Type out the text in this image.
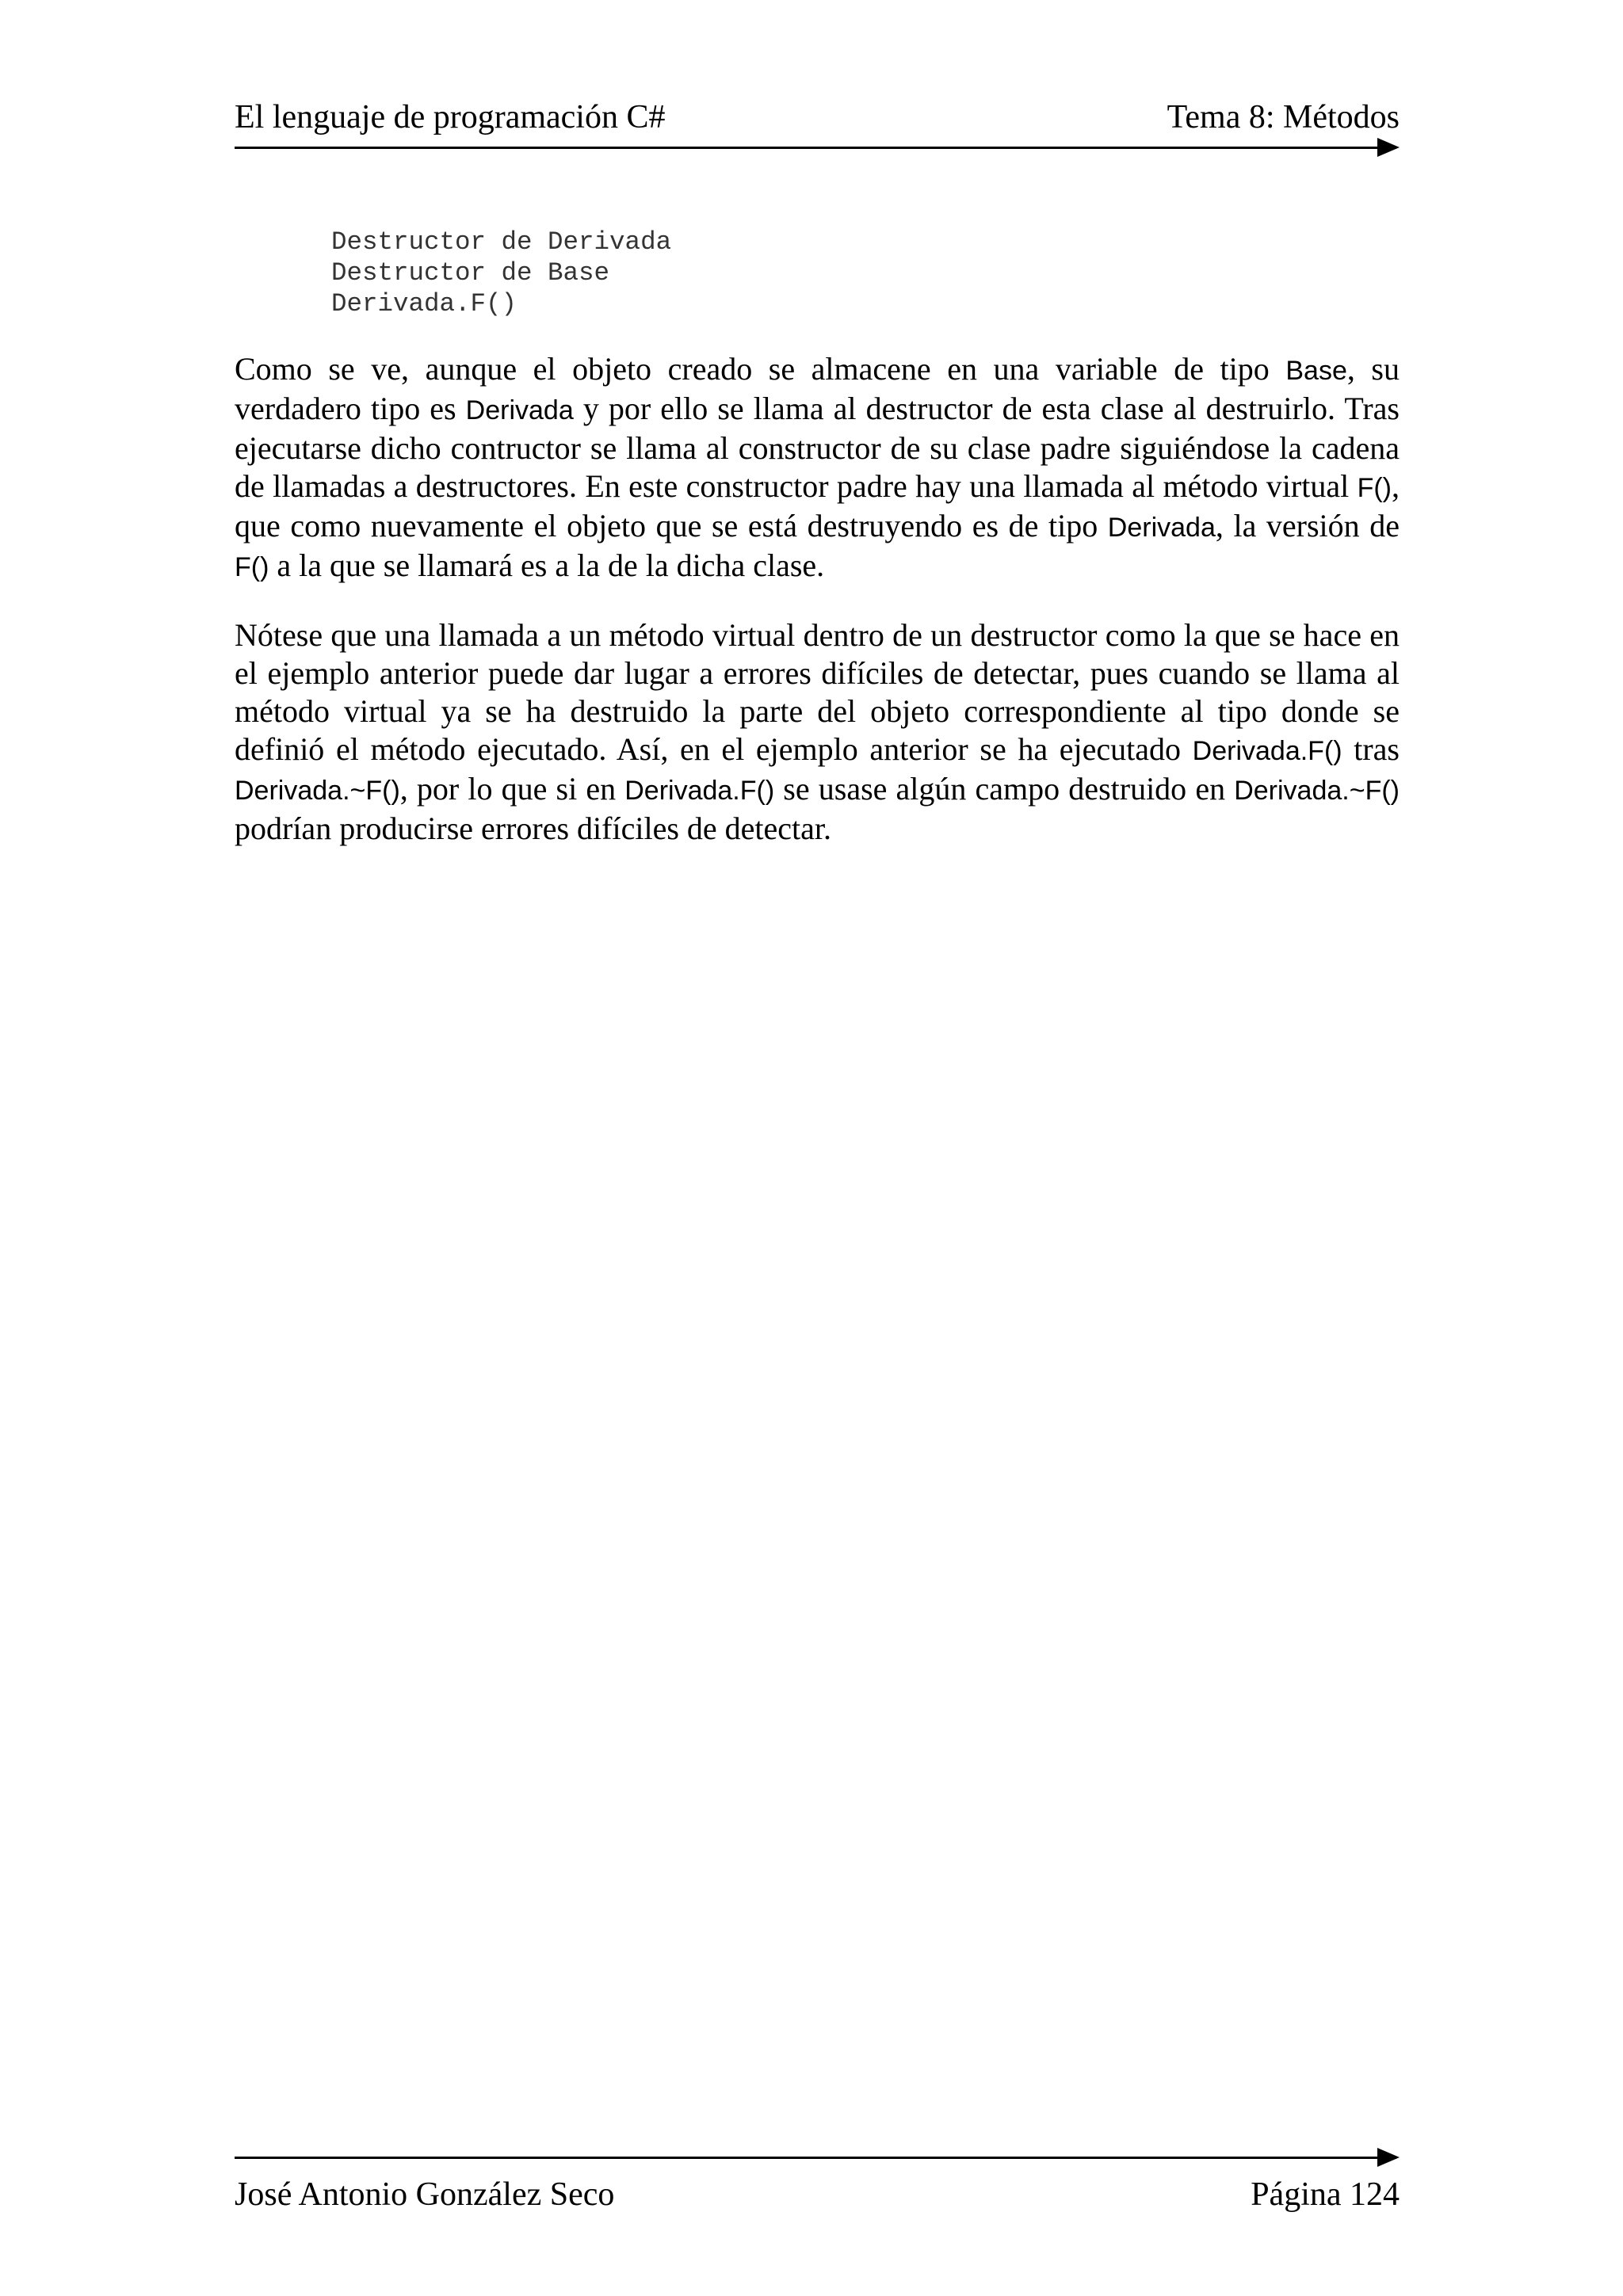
El lenguaje de programación C#	Tema 8: Métodos
Destructor de Derivada
Destructor de Base
Derivada.F()

Como se ve, aunque el objeto creado se almacene en una variable de tipo Base, su verdadero tipo es Derivada y por ello se llama al destructor de esta clase al destruirlo. Tras ejecutarse dicho contructor se llama al constructor de su clase padre siguiéndose la cadena de llamadas a destructores. En este constructor padre hay una llamada al método virtual F(), que como nuevamente el objeto que se está destruyendo es de tipo Derivada, la versión de F() a la que se llamará es a la de la dicha clase.

Nótese que una llamada a un método virtual dentro de un destructor como la que se hace en el ejemplo anterior puede dar lugar a errores difíciles de detectar, pues cuando se llama al método virtual ya se ha destruido la parte del objeto correspondiente al tipo donde se definió el método ejecutado. Así, en el ejemplo anterior se ha ejecutado Derivada.F() tras Derivada.~F(), por lo que si en Derivada.F() se usase algún campo destruido en Derivada.~F() podrían producirse errores difíciles de detectar.

José Antonio González Seco	Página 124
